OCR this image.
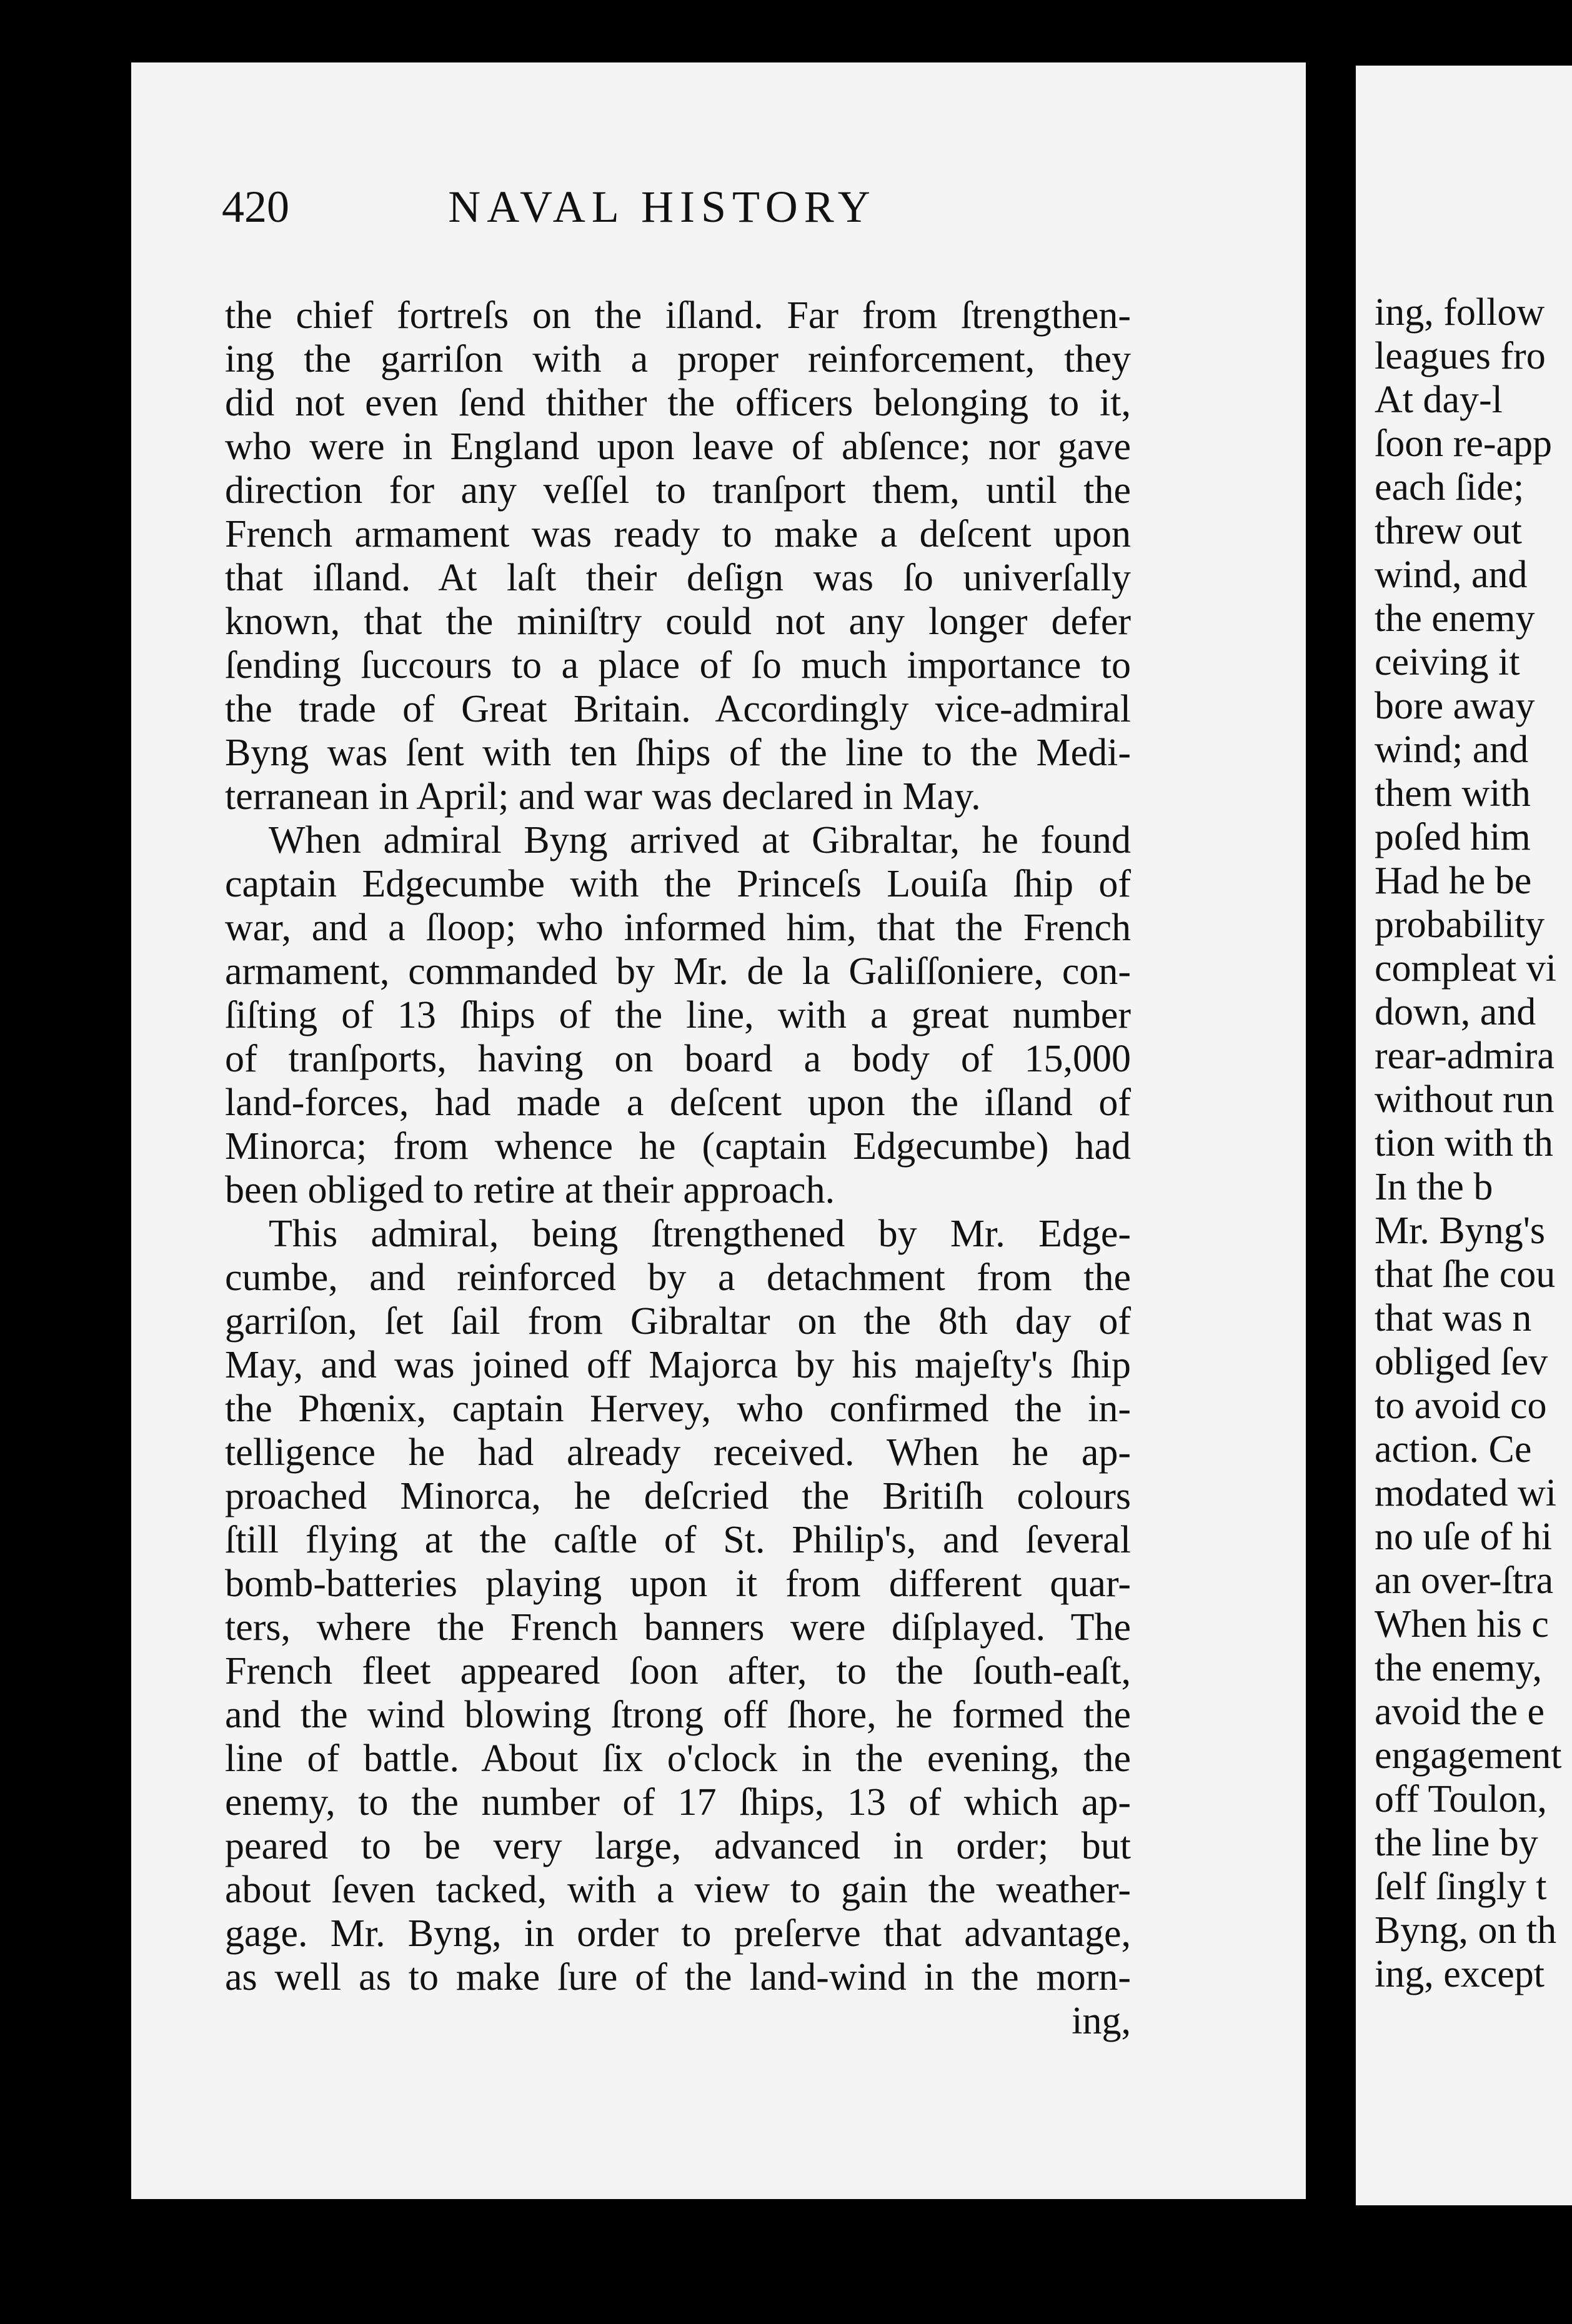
ing, follow
leagues fro
At day-l
ſoon re-app
each ſide;
threw out
wind, and
the enemy
ceiving it
bore away
wind; and
them with
poſed him
Had he be
probability
compleat vi
down, and
rear-admira
without run
tion with th
In the b
Mr. Byng's
that ſhe cou
that was n
obliged ſev
to avoid co
action. Ce
modated wi
no uſe of hi
an over-ſtra
When his c
the enemy,
avoid the e
engagement
off Toulon,
the line by
ſelf ſingly t
Byng, on th
ing, except
420	NAVAL HISTORY
the chief fortreſs on the iſland. Far from ſtrengthen-
ing the garriſon with a proper reinforcement, they
did not even ſend thither the officers belonging to it,
who were in England upon leave of abſence; nor gave
direction for any veſſel to tranſport them, until the
French armament was ready to make a deſcent upon
that iſland. At laſt their deſign was ſo univerſally
known, that the miniſtry could not any longer defer
ſending ſuccours to a place of ſo much importance to
the trade of Great Britain. Accordingly vice-admiral
Byng was ſent with ten ſhips of the line to the Medi-
terranean in April; and war was declared in May.
When admiral Byng arrived at Gibraltar, he found
captain Edgecumbe with the Princeſs Louiſa ſhip of
war, and a ſloop; who informed him, that the French
armament, commanded by Mr. de la Galiſſoniere, con-
ſiſting of 13 ſhips of the line, with a great number
of tranſports, having on board a body of 15,000
land-forces, had made a deſcent upon the iſland of
Minorca; from whence he (captain Edgecumbe) had
been obliged to retire at their approach.
This admiral, being ſtrengthened by Mr. Edge-
cumbe, and reinforced by a detachment from the
garriſon, ſet ſail from Gibraltar on the 8th day of
May, and was joined off Majorca by his majeſty's ſhip
the Phœnix, captain Hervey, who confirmed the in-
telligence he had already received. When he ap-
proached Minorca, he deſcried the Britiſh colours
ſtill flying at the caſtle of St. Philip's, and ſeveral
bomb-batteries playing upon it from different quar-
ters, where the French banners were diſplayed. The
French fleet appeared ſoon after, to the ſouth-eaſt,
and the wind blowing ſtrong off ſhore, he formed the
line of battle. About ſix o'clock in the evening, the
enemy, to the number of 17 ſhips, 13 of which ap-
peared to be very large, advanced in order; but
about ſeven tacked, with a view to gain the weather-
gage. Mr. Byng, in order to preſerve that advantage,
as well as to make ſure of the land-wind in the morn-
ing,
